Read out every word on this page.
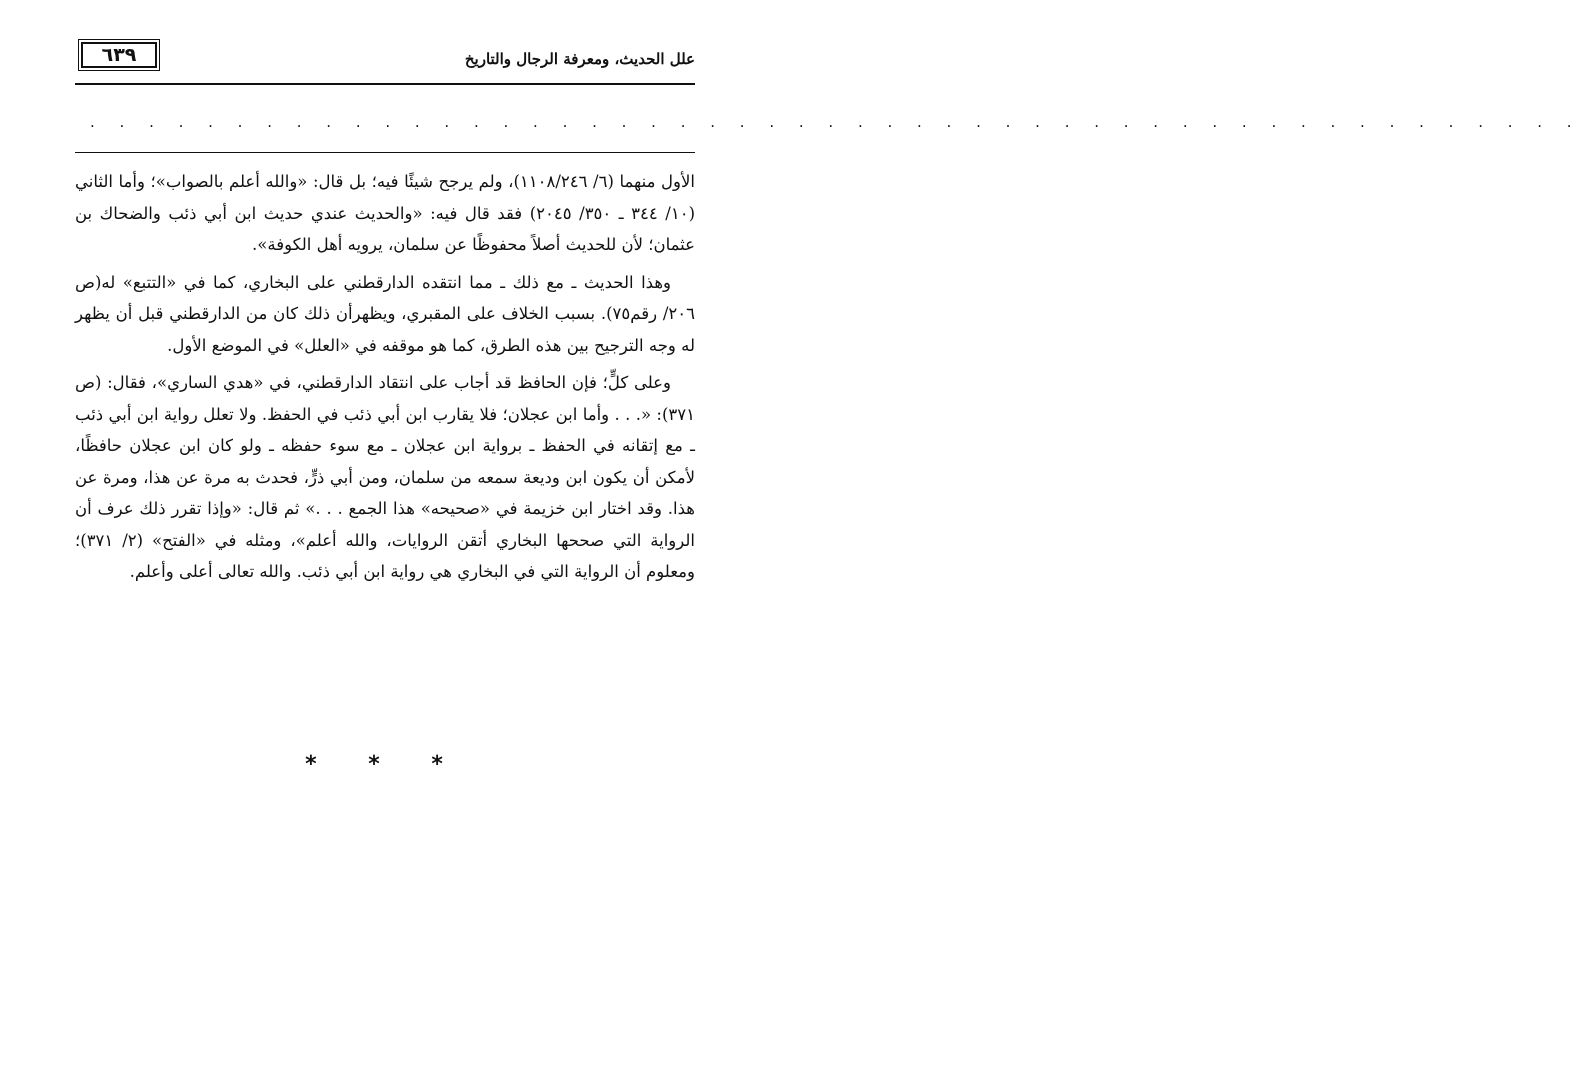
علل الحديث، ومعرفة الرجال والتاريخ
٦٣٩
. . . . . . . . . . . . . . . . . . . . . . . . . . . . . . . . . . . . . . . . . . . . . . . . . . .

الأول منهما (٦/ ١١٠٨/٢٤٦)، ولم يرجح شيئًا فيه؛ بل قال: «والله أعلم بالصواب»؛ وأما الثاني (١٠/ ٣٤٤ ـ ٣٥٠/ ٢٠٤٥) فقد قال فيه: «والحديث عندي حديث ابن أبي ذئب والضحاك بن عثمان؛ لأن للحديث أصلاً محفوظًا عن سلمان، يرويه أهل الكوفة».

وهذا الحديث ـ مع ذلك ـ مما انتقده الدارقطني على البخاري، كما في «التتبع» له(ص ٢٠٦/ رقم٧٥). بسبب الخلاف على المقبري، ويظهرأن ذلك كان من الدارقطني قبل أن يظهر له وجه الترجيح بين هذه الطرق، كما هو موقفه في «العلل» في الموضع الأول.

وعلى كلٍّ؛ فإن الحافظ قد أجاب على انتقاد الدارقطني، في «هدي الساري»، فقال: (ص ٣٧١): «. . . وأما ابن عجلان؛ فلا يقارب ابن أبي ذئب في الحفظ. ولا تعلل رواية ابن أبي ذئب ـ مع إتقانه في الحفظ ـ برواية ابن عجلان ـ مع سوء حفظه ـ ولو كان ابن عجلان حافظًا، لأمكن أن يكون ابن وديعة سمعه من سلمان، ومن أبي ذرٍّ، فحدث به مرة عن هذا، ومرة عن هذا. وقد اختار ابن خزيمة في «صحيحه» هذا الجمع . . .» ثم قال: «وإذا تقرر ذلك عرف أن الرواية التي صححها البخاري أتقن الروايات، والله أعلم»، ومثله في «الفتح» (٢/ ٣٧١)؛ ومعلوم أن الرواية التي في البخاري هي رواية ابن أبي ذئب. والله تعالى أعلى وأعلم.

* * *
